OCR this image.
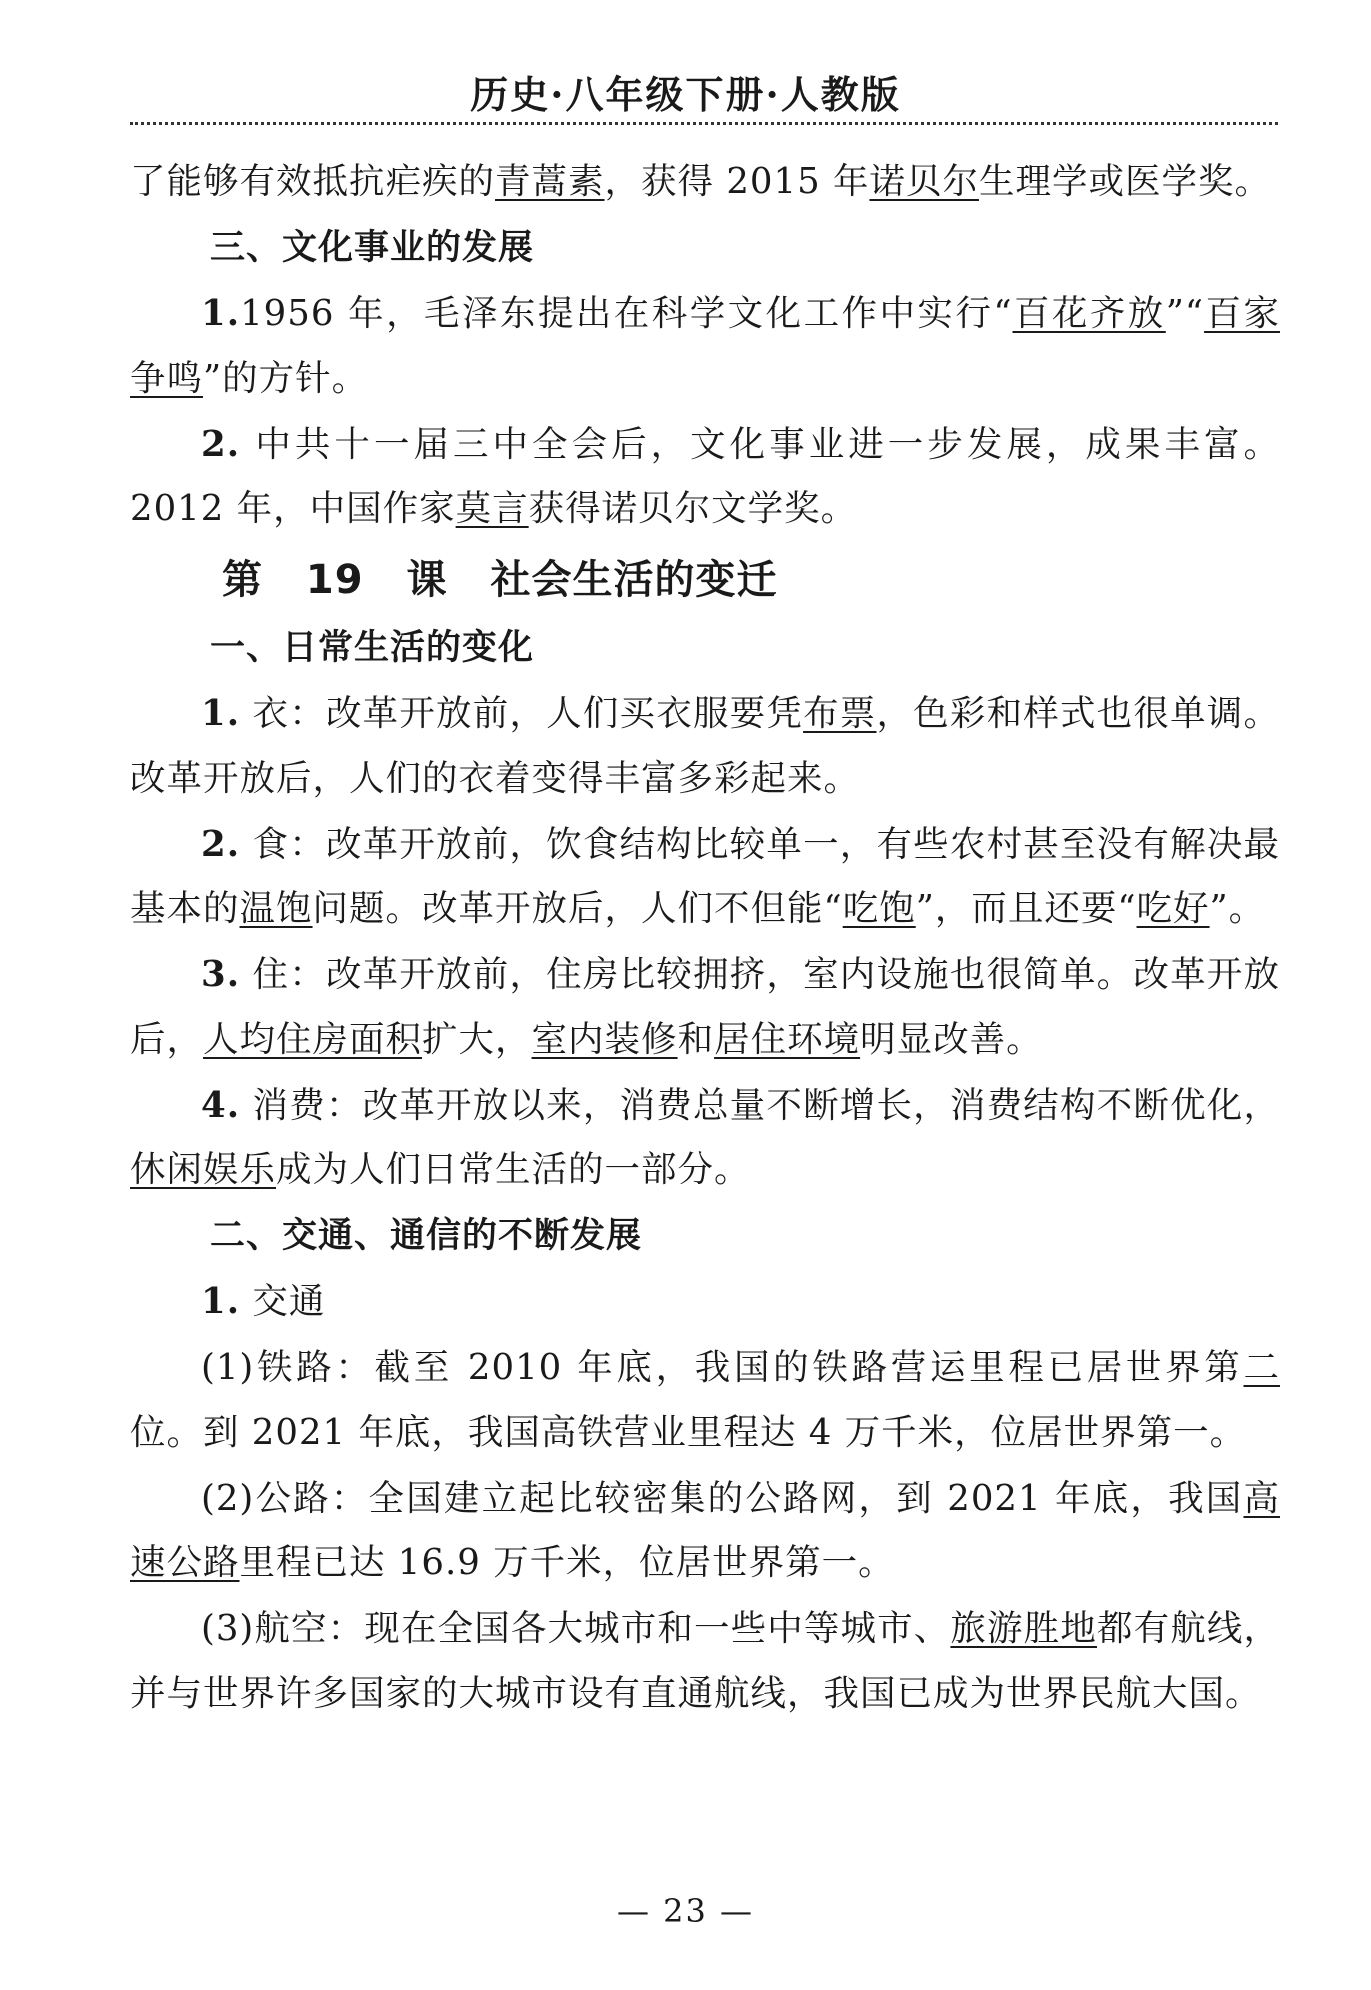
历史·八年级下册·人教版

了能够有效抵抗疟疾的青蒿素，获得 2015 年诺贝尔生理学或医学奖。

三、文化事业的发展

1.1956 年，毛泽东提出在科学文化工作中实行“百花齐放”“百家争鸣”的方针。

2. 中共十一届三中全会后，文化事业进一步发展，成果丰富。2012 年，中国作家莫言获得诺贝尔文学奖。

第 19 课 社会生活的变迁

一、日常生活的变化

1. 衣：改革开放前，人们买衣服要凭布票，色彩和样式也很单调。改革开放后，人们的衣着变得丰富多彩起来。

2. 食：改革开放前，饮食结构比较单一，有些农村甚至没有解决最基本的温饱问题。改革开放后，人们不但能“吃饱”，而且还要“吃好”。

3. 住：改革开放前，住房比较拥挤，室内设施也很简单。改革开放后，人均住房面积扩大，室内装修和居住环境明显改善。

4. 消费：改革开放以来，消费总量不断增长，消费结构不断优化，休闲娱乐成为人们日常生活的一部分。

二、交通、通信的不断发展

1. 交通

(1)铁路：截至 2010 年底，我国的铁路营运里程已居世界第二位。到 2021 年底，我国高铁营业里程达 4 万千米，位居世界第一。

(2)公路：全国建立起比较密集的公路网，到 2021 年底，我国高速公路里程已达 16.9 万千米，位居世界第一。

(3)航空：现在全国各大城市和一些中等城市、旅游胜地都有航线，并与世界许多国家的大城市设有直通航线，我国已成为世界民航大国。

— 23 —
